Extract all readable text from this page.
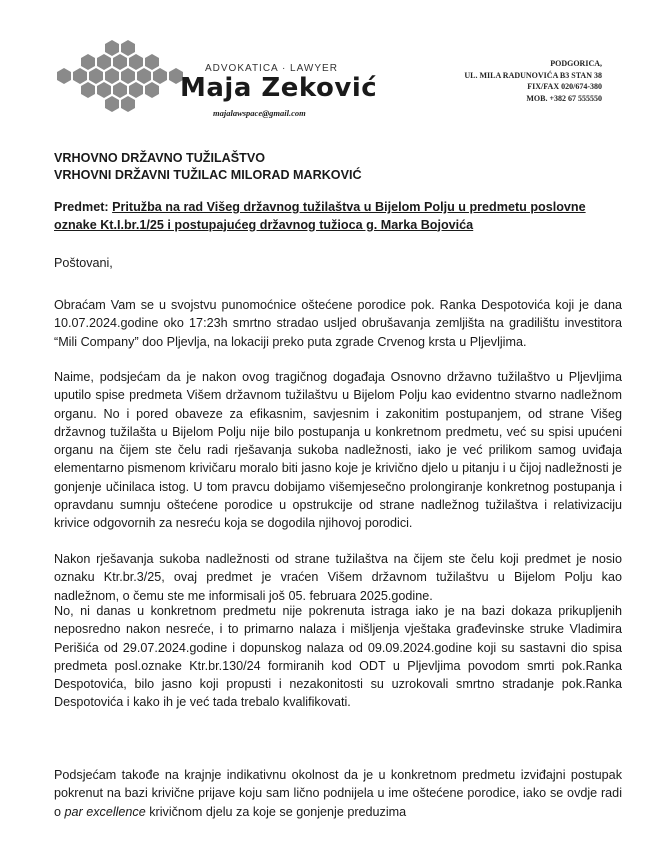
ADVOKATICA · LAWYER
Maja Zeković
majalawspace@gmail.com
PODGORICA,
UL. MILA RADUNOVIĆA B3 STAN 38
FIX/FAX 020/674-380
MOB. +382 67 555550
VRHOVNO DRŽAVNO TUŽILAŠTVO
VRHOVNI DRŽAVNI TUŽILAC MILORAD MARKOVIĆ
Predmet: Pritužba na rad Višeg državnog tužilaštva u Bijelom Polju u predmetu poslovne oznake Kt.I.br.1/25 i postupajućeg državnog tužioca g. Marka Bojovića
Poštovani,

Obraćam Vam se u svojstvu punomoćnice oštećene porodice pok. Ranka Despotovića koji je dana 10.07.2024.godine oko 17:23h smrtno stradao usljed obrušavanja zemljišta na gradilištu investitora “Mili Company” doo Pljevlja, na lokaciji preko puta zgrade Crvenog krsta u Pljevljima.

Naime, podsjećam da je nakon ovog tragičnog događaja Osnovno državno tužilaštvo u Pljevljima uputilo spise predmeta Višem državnom tužilaštvu u Bijelom Polju kao evidentno stvarno nadležnom organu. No i pored obaveze za efikasnim, savjesnim i zakonitim postupanjem, od strane Višeg državnog tužilašta u Bijelom Polju nije bilo postupanja u konkretnom predmetu, već su spisi upućeni organu na čijem ste čelu radi rješavanja sukoba nadležnosti, iako je već prilikom samog uviđaja elementarno pismenom krivičaru moralo biti jasno koje je krivično djelo u pitanju i u čijoj nadležnosti je gonjenje učinilaca istog. U tom pravcu dobijamo višemjesečno prolongiranje konkretnog postupanja i opravdanu sumnju oštećene porodice u opstrukcije od strane nadležnog tužilaštva i relativizaciju krivice odgovornih za nesreću koja se dogodila njihovoj porodici.

Nakon rješavanja sukoba nadležnosti od strane tužilaštva na čijem ste čelu koji predmet je nosio oznaku Ktr.br.3/25, ovaj predmet je vraćen Višem državnom tužilaštvu u Bijelom Polju kao nadležnom, o čemu ste me informisali još 05. februara 2025.godine.

No, ni danas u konkretnom predmetu nije pokrenuta istraga iako je na bazi dokaza prikupljenih neposredno nakon nesreće, i to primarno nalaza i mišljenja vještaka građevinske struke Vladimira Perišića od 29.07.2024.godine i dopunskog nalaza od 09.09.2024.godine koji su sastavni dio spisa predmeta posl.oznake Ktr.br.130/24 formiranih kod ODT u Pljevljima povodom smrti pok.Ranka Despotovića, bilo jasno koji propusti i nezakonitosti su uzrokovali smrtno stradanje pok.Ranka Despotovića i kako ih je već tada trebalo kvalifikovati.

Podsjećam takođe na krajnje indikativnu okolnost da je u konkretnom predmetu izviđajni postupak pokrenut na bazi krivične prijave koju sam lično podnijela u ime oštećene porodice, iako se ovdje radi o par excellence krivičnom djelu za koje se gonjenje preduzima
